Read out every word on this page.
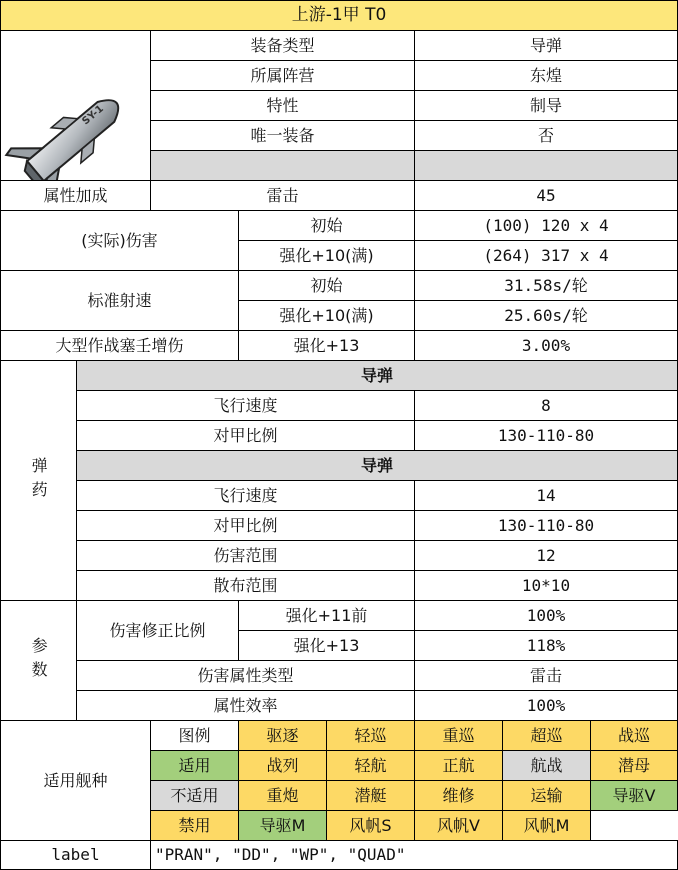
上游-1甲 T0
SY-1
装备类型	导弹
所属阵营	东煌
特性	制导
唯一装备	否
属性加成	雷击	45
(实际)伤害
初始	(100) 120 x 4
强化+10(满)	(264) 317 x 4
标准射速
初始	31.58s/轮
强化+10(满)	25.60s/轮
大型作战塞壬增伤	强化+13	3.00%
弹药
导弹
飞行速度	8
对甲比例	130-110-80
导弹
飞行速度	14
对甲比例	130-110-80
伤害范围	12
散布范围	10*10
参数
伤害修正比例
强化+11前	100%
强化+13	118%
伤害属性类型	雷击
属性效率	100%
适用舰种
label	"PRAN", "DD", "WP", "QUAD"
图例	驱逐	轻巡	重巡	超巡	战巡
适用	战列	轻航	正航	航战	潜母
不适用	重炮	潜艇	维修	运输	导驱V
禁用	导驱M	风帆S	风帆V	风帆M
